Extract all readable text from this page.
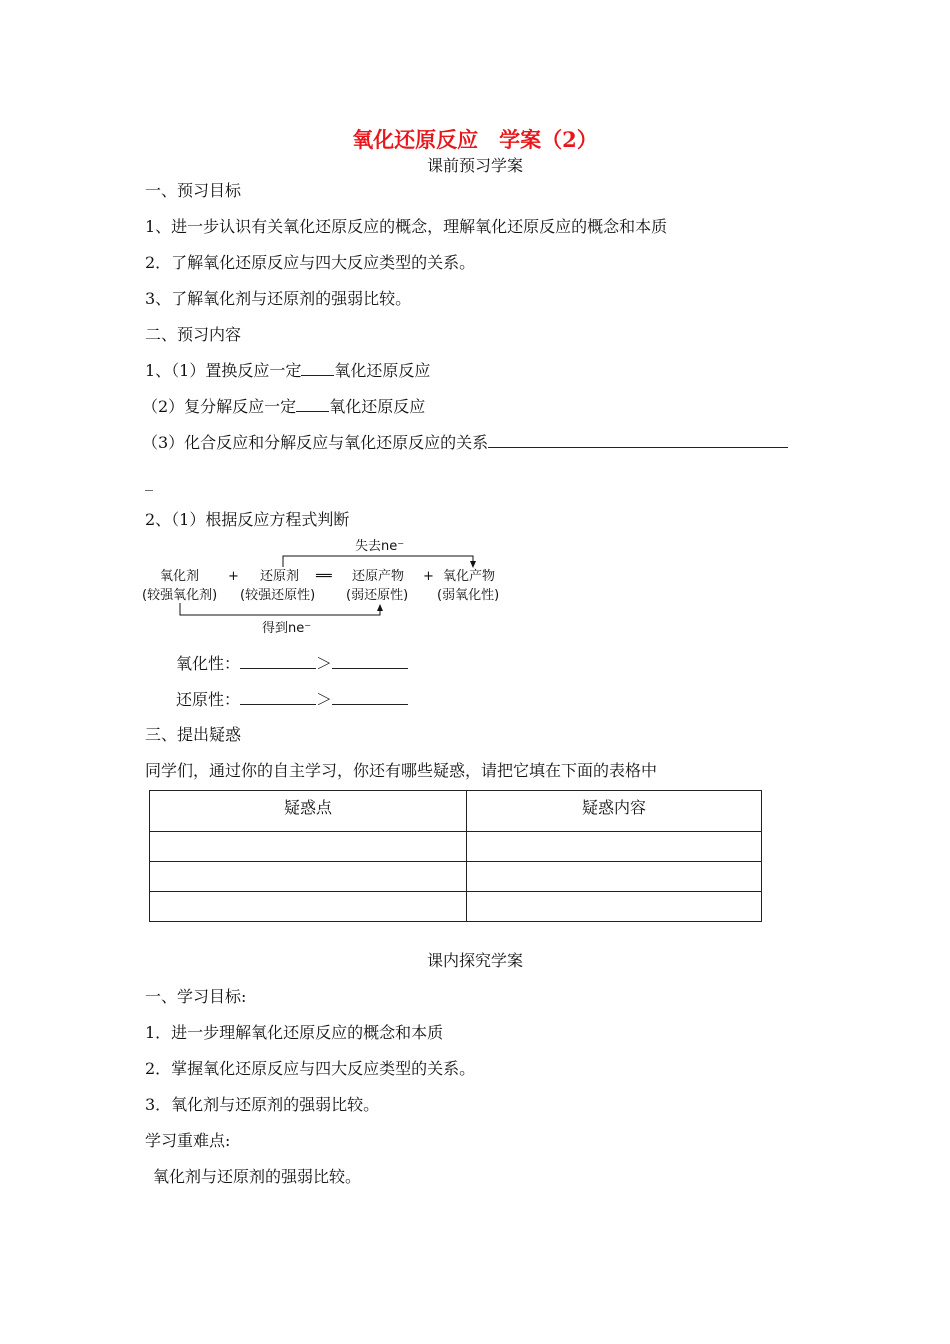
氧化还原反应　学案（2）
课前预习学案
一、预习目标
1、进一步认识有关氧化还原反应的概念，理解氧化还原反应的概念和本质
2．了解氧化还原反应与四大反应类型的关系。
3、了解氧化剂与还原剂的强弱比较。
二、预习内容
1、（1）置换反应一定 氧化还原反应
（2）复分解反应一定 氧化还原反应
（3）化合反应和分解反应与氧化还原反应的关系
_
2、（1）根据反应方程式判断
失去ne⁻
氧化剂 + 还原剂 ══ 还原产物 + 氧化产物
(较强氧化剂) (较强还原性) (弱还原性) (弱氧化性)
得到ne⁻
氧化性：	＞
还原性：	＞
三、提出疑惑
同学们，通过你的自主学习，你还有哪些疑惑，请把它填在下面的表格中
疑惑点	疑惑内容

课内探究学案
一、学习目标:
1．进一步理解氧化还原反应的概念和本质
2．掌握氧化还原反应与四大反应类型的关系。
3．氧化剂与还原剂的强弱比较。
学习重难点:
氧化剂与还原剂的强弱比较。
